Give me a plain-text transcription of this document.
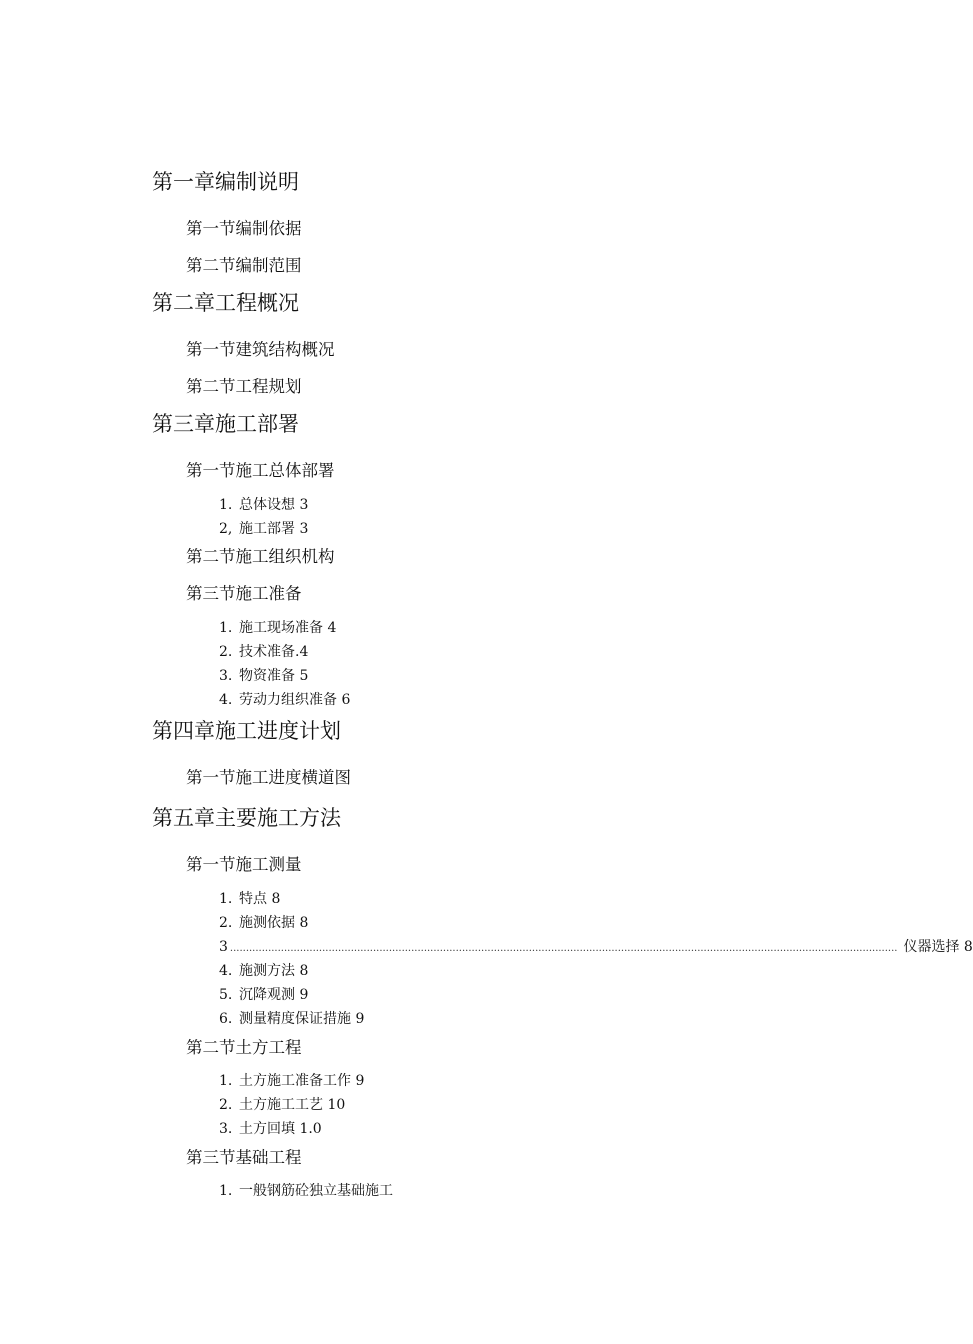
第一章编制说明
第一节编制依据
第二节编制范围
第二章工程概况
第一节建筑结构概况
第二节工程规划
第三章施工部署
第一节施工总体部署
1. 总体设想 3
2, 施工部署 3
第二节施工组织机构
第三节施工准备
1. 施工现场准备 4
2. 技术准备.4
3. 物资准备 5
4. 劳动力组织准备 6
第四章施工进度计划
第一节施工进度横道图
第五章主要施工方法
第一节施工测量
1. 特点 8
2. 施测依据 8
3 .................................................................................................................................................................................................................. 仪器选择 8
4. 施测方法 8
5. 沉降观测 9
6. 测量精度保证措施 9
第二节土方工程
1. 土方施工准备工作 9
2. 土方施工工艺 10
3. 土方回填 1.0
第三节基础工程
1. 一般钢筋砼独立基础施工
